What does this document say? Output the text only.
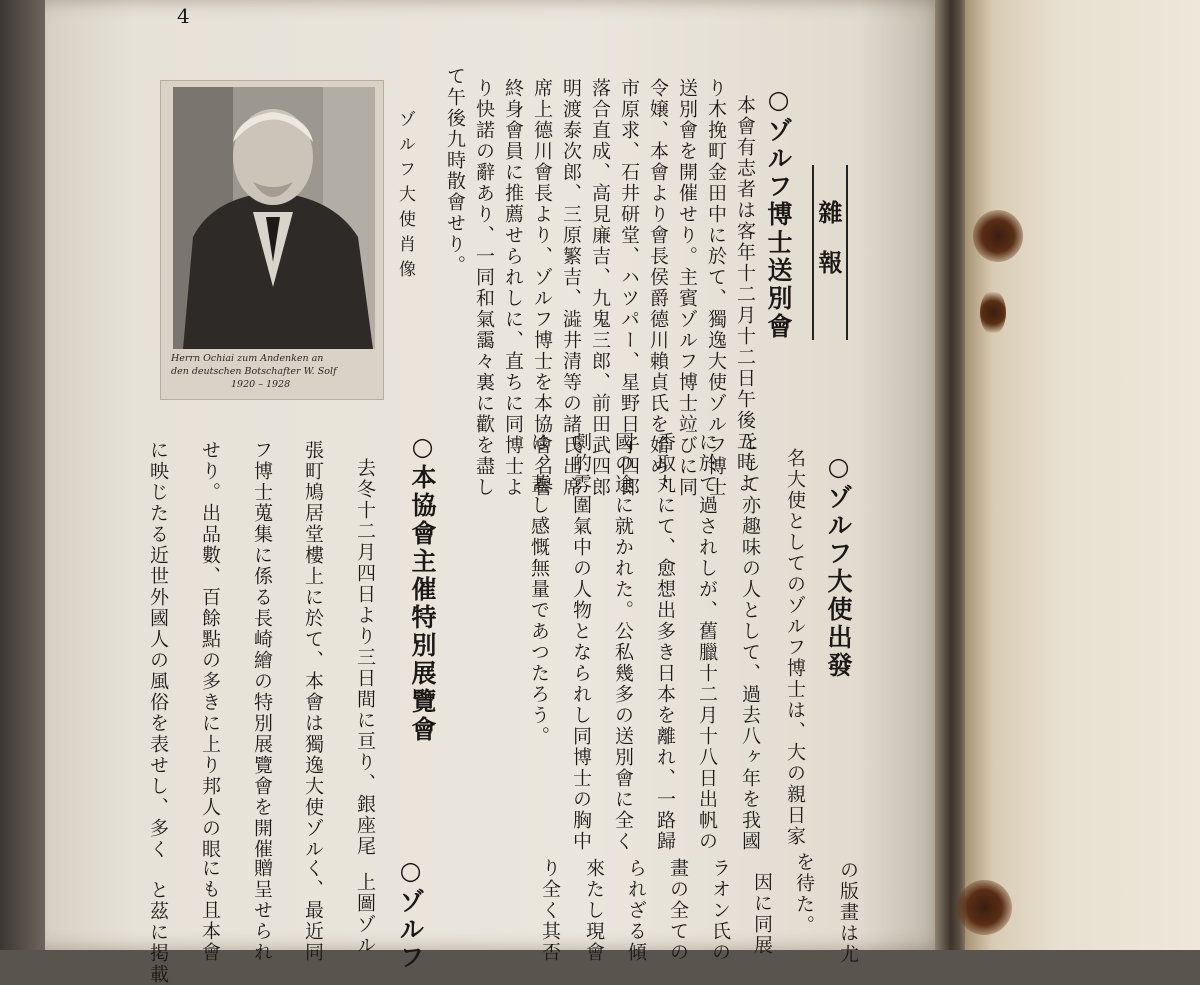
4
雜報
○ゾルフ博士送別會
本會有志者は客年十二月十二日午後五時よ
り木挽町金田中に於て、獨逸大使ゾルフ博士
送別會を開催せり。主賓ゾルフ博士竝びに同
令嬢、本會より會長侯爵德川賴貞氏を始め、
市原求、石井研堂、ハツパー、星野日子四郎
落合直成、高見廉吉、九鬼三郎、前田武四郎
明渡泰次郎、三原繁吉、澁井清等の諸氏出席
席上德川會長より、ゾルフ博士を本協會名譽
終身會員に推薦せられしに、直ちに同博士よ
り快諾の辭あり、一同和氣靄々裏に歡を盡し
て午後九時散會せり。
ゾルフ大使肖像
Herrn Ochiai zum Andenken an
den deutschen Botschafter W. Solf
1920 – 1928
○ゾルフ大使出發
名大使としてのゾルフ博士は、大の親日家
として亦趣味の人として、過去八ヶ年を我國
に於て過されしが、舊臘十二月十八日出帆の
香取丸にて、愈想出多き日本を離れ、一路歸
國の途に就かれた。公私幾多の送別會に全く
劇的雰圍氣中の人物となられし同博士の胸中
は、蓋し感慨無量であつたろう。
○本協會主催特別展覽會
去冬十二月四日より三日間に亘り、銀座尾
張町鳩居堂樓上に於て、本會は獨逸大使ゾル
フ博士蒐集に係る長崎繪の特別展覽會を開催
せり。出品數、百餘點の多きに上り邦人の眼
に映じたる近世外國人の風俗を表せし、多く
の版畫は尤
を待た。
因に同展
ラオン氏の
畫の全ての
られざる傾
來たし現會
り全く其否
○ゾルフ
上圖ゾル
く、最近同
贈呈せられ
にも且本會
と茲に掲載
